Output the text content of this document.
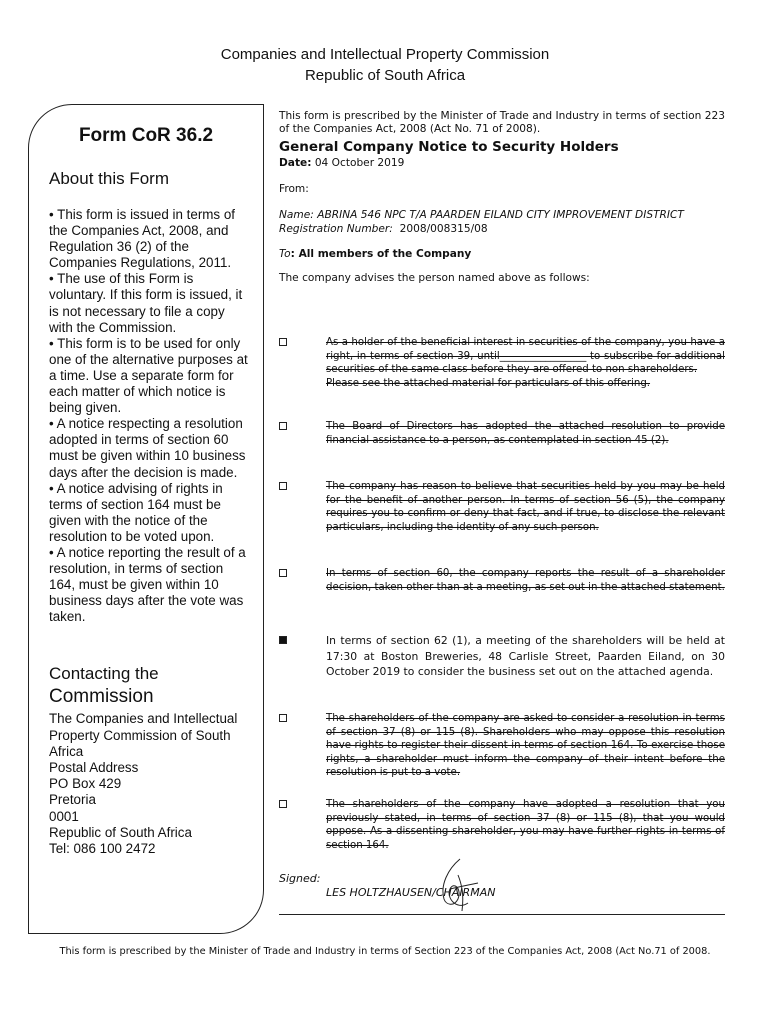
Companies and Intellectual Property Commission
Republic of South Africa
Form CoR 36.2
About this Form
• This form is issued in terms of the Companies Act, 2008, and Regulation 36 (2) of the Companies Regulations, 2011.
• The use of this Form is voluntary. If this form is issued, it is not necessary to file a copy with the Commission.
• This form is to be used for only one of the alternative purposes at a time. Use a separate form for each matter of which notice is being given.
• A notice respecting a resolution adopted in terms of section 60 must be given within 10 business days after the decision is made.
• A notice advising of rights in terms of section 164 must be given with the notice of the resolution to be voted upon.
• A notice reporting the result of a resolution, in terms of section 164, must be given within 10 business days after the vote was taken.
Contacting the
Commission
The Companies and Intellectual
Property Commission of South Africa
Postal Address
PO Box 429
Pretoria
0001
Republic of South Africa
Tel: 086 100 2472
This form is prescribed by the Minister of Trade and Industry in terms of section 223 of the Companies Act, 2008 (Act No. 71 of 2008).
General Company Notice to Security Holders
Date: 04 October 2019
From:
Name: ABRINA 546 NPC T/A PAARDEN EILAND CITY IMPROVEMENT DISTRICT
Registration Number: 2008/008315/08
To: All members of the Company
The company advises the person named above as follows:
As a holder of the beneficial interest in securities of the company, you have a right, in terms of section 39, until_________________ to subscribe for additional securities of the same class before they are offered to non shareholders.
Please see the attached material for particulars of this offering.
The Board of Directors has adopted the attached resolution to provide financial assistance to a person, as contemplated in section 45 (2).
The company has reason to believe that securities held by you may be held for the benefit of another person. In terms of section 56 (5), the company requires you to confirm or deny that fact, and if true, to disclose the relevant particulars, including the identity of any such person.
In terms of section 60, the company reports the result of a shareholder decision, taken other than at a meeting, as set out in the attached statement.
In terms of section 62 (1), a meeting of the shareholders will be held at 17:30 at Boston Breweries, 48 Carlisle Street, Paarden Eiland, on 30 October 2019 to consider the business set out on the attached agenda.
The shareholders of the company are asked to consider a resolution in terms of section 37 (8) or 115 (8). Shareholders who may oppose this resolution have rights to register their dissent in terms of section 164. To exercise those rights, a shareholder must inform the company of their intent before the resolution is put to a vote.
The shareholders of the company have adopted a resolution that you previously stated, in terms of section 37 (8) or 115 (8), that you would oppose. As a dissenting shareholder, you may have further rights in terms of section 164.
Signed:
LES HOLTZHAUSEN/CHAIRMAN
This form is prescribed by the Minister of Trade and Industry in terms of Section 223 of the Companies Act, 2008 (Act No.71 of 2008.
